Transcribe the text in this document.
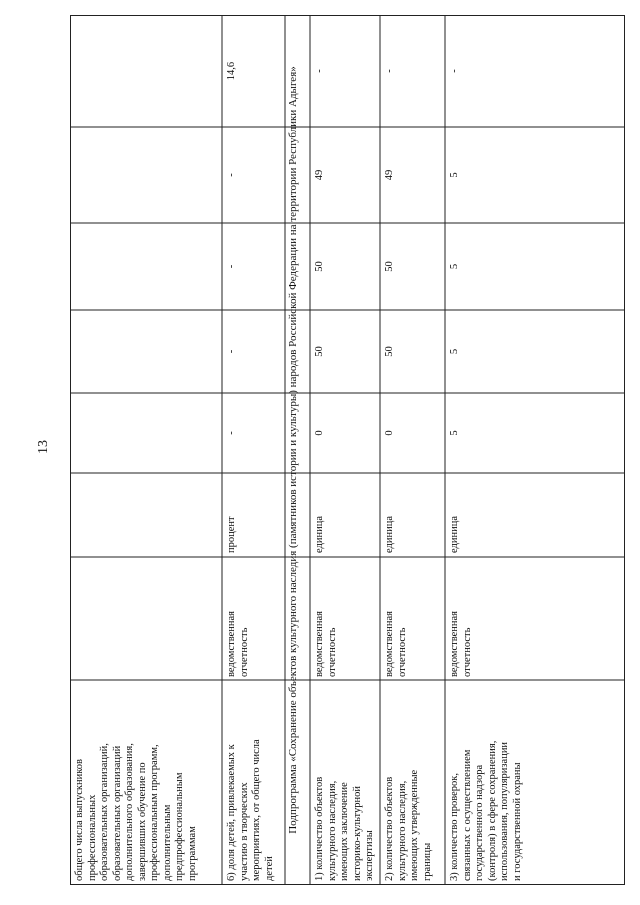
13
общего числа выпускников
профессиональных
образовательных организаций,
образовательных организаций
дополнительного образования,
завершивших обучение по
профессиональным программ,
дополнительным
предпрофессиональным
программам	6) доля детей, привлекаемых к
участию в творческих
мероприятиях, от общего числа
детей
ведомственная
отчетность
процент
-
-
-
-
14,6	Подпрограмма «Сохранение объектов культурного наследия (памятников истории и культуры) народов Российской Федерации на территории Республики Адыгея»
1) количество объектов
культурного наследия,
имеющих заключение
историко-культурной
экспертизы
ведомственная
отчетность
единица
0
50
50
49
-
2) количество объектов
культурного наследия,
имеющих утвержденные
границы
ведомственная
отчетность
единица
0
50
50
49
-
3) количество проверок,
связанных с осуществлением
государственного надзора
(контроля) в сфере сохранения,
использования, популяризации
и государственной охраны
ведомственная
отчетность
единица
5
5
5
5
-
